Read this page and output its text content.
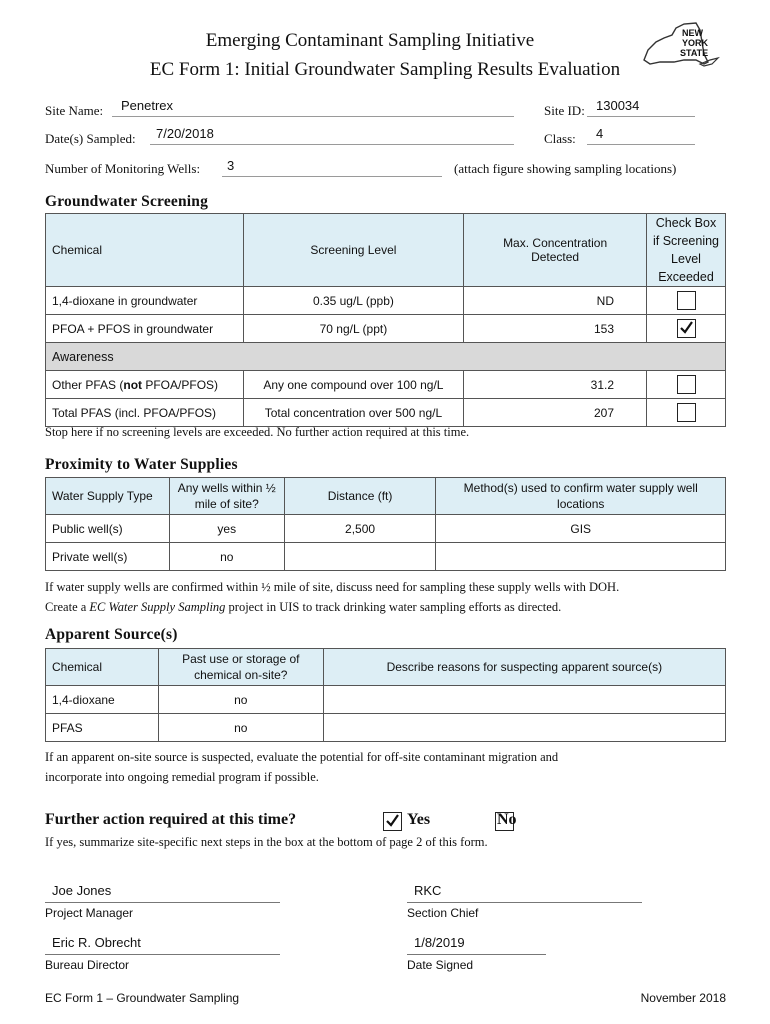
Emerging Contaminant Sampling Initiative
EC Form 1: Initial Groundwater Sampling Results Evaluation
NEW
YORK
STATE
Site Name: Penetrex	Site ID: 130034
Date(s) Sampled: 7/20/2018	Class: 4
Number of Monitoring Wells: 3	(attach figure showing sampling locations)
Groundwater Screening
Chemical	Screening Level	Max. Concentration Detected	Check Box if Screening Level Exceeded
1,4-dioxane in groundwater	0.35 ug/L (ppb)	ND	
PFOA + PFOS in groundwater	70 ng/L (ppt)	153	

Awareness			
Other PFAS (not PFOA/PFOS)	Any one compound over 100 ng/L	31.2	
Total PFAS (incl. PFOA/PFOS)	Total concentration over 500 ng/L	207	
Stop here if no screening levels are exceeded. No further action required at this time.
Proximity to Water Supplies
Water Supply Type	Any wells within ½ mile of site?	Distance (ft)	Method(s) used to confirm water supply well locations
Public well(s)	yes	2,500	GIS
Private well(s)	no		
If water supply wells are confirmed within ½ mile of site, discuss need for sampling these supply wells with DOH.
Create a EC Water Supply Sampling project in UIS to track drinking water sampling efforts as directed.
Apparent Source(s)
Chemical	Past use or storage of chemical on-site?	Describe reasons for suspecting apparent source(s)
1,4-dioxane	no	
PFAS	no	
If an apparent on-site source is suspected, evaluate the potential for off-site contaminant migration and
incorporate into ongoing remedial program if possible.
Further action required at this time?
	Yes	No
If yes, summarize site-specific next steps in the box at the bottom of page 2 of this form.
Joe Jones
Project Manager
RKC
Section Chief
Eric R. Obrecht
Bureau Director
1/8/2019
Date Signed
EC Form 1 – Groundwater Sampling	November 2018
